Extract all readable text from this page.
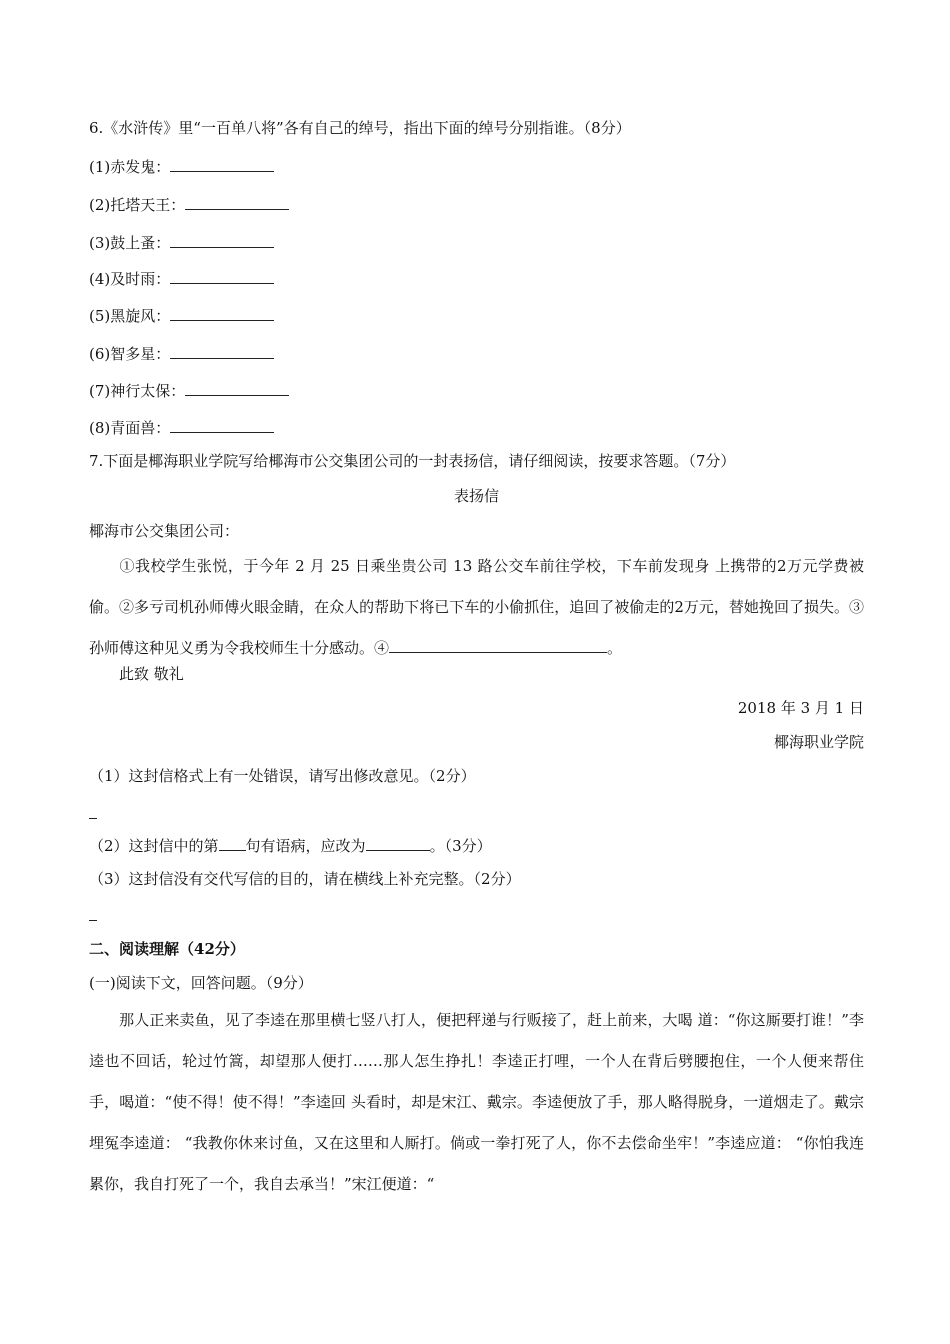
6.《水浒传》里“一百单八将”各有自己的绰号，指出下面的绰号分别指谁。（8分）
(1)赤发鬼：
(2)托塔天王：
(3)鼓上蚤：
(4)及时雨：
(5)黑旋风：
(6)智多星：
(7)神行太保：
(8)青面兽：
7.下面是椰海职业学院写给椰海市公交集团公司的一封表扬信，请仔细阅读，按要求答题。（7分）
表扬信
椰海市公交集团公司：
①我校学生张悦，于今年 2 月 25 日乘坐贵公司 13 路公交车前往学校，下车前发现身 上携带的2万元学费被偷。②多亏司机孙师傅火眼金睛，在众人的帮助下将已下车的小偷抓住，追回了被偷走的2万元，替她挽回了损失。③孙师傅这种见义勇为令我校师生十分感动。④	。
此致 敬礼
2018 年 3 月 1 日
椰海职业学院
（1）这封信格式上有一处错误，请写出修改意见。（2分）
（2）这封信中的第 句有语病，应改为	。（3分）
（3）这封信没有交代写信的目的，请在横线上补充完整。（2分）
二、阅读理解（42分）
(一)阅读下文，回答问题。（9分）
那人正来卖鱼，见了李逵在那里横七竖八打人，便把秤递与行贩接了，赶上前来，大喝 道：“你这厮要打谁！”李逵也不回话，轮过竹篙，却望那人便打……那人怎生挣扎！李逵正打哩，一个人在背后劈腰抱住，一个人便来帮住手，喝道：“使不得！使不得！”李逵回 头看时，却是宋江、戴宗。李逵便放了手，那人略得脱身，一道烟走了。戴宗埋冤李逵道： “我教你休来讨鱼，又在这里和人厮打。倘或一拳打死了人，你不去偿命坐牢！”李逵应道： “你怕我连累你，我自打死了一个，我自去承当！”宋江便道：“
